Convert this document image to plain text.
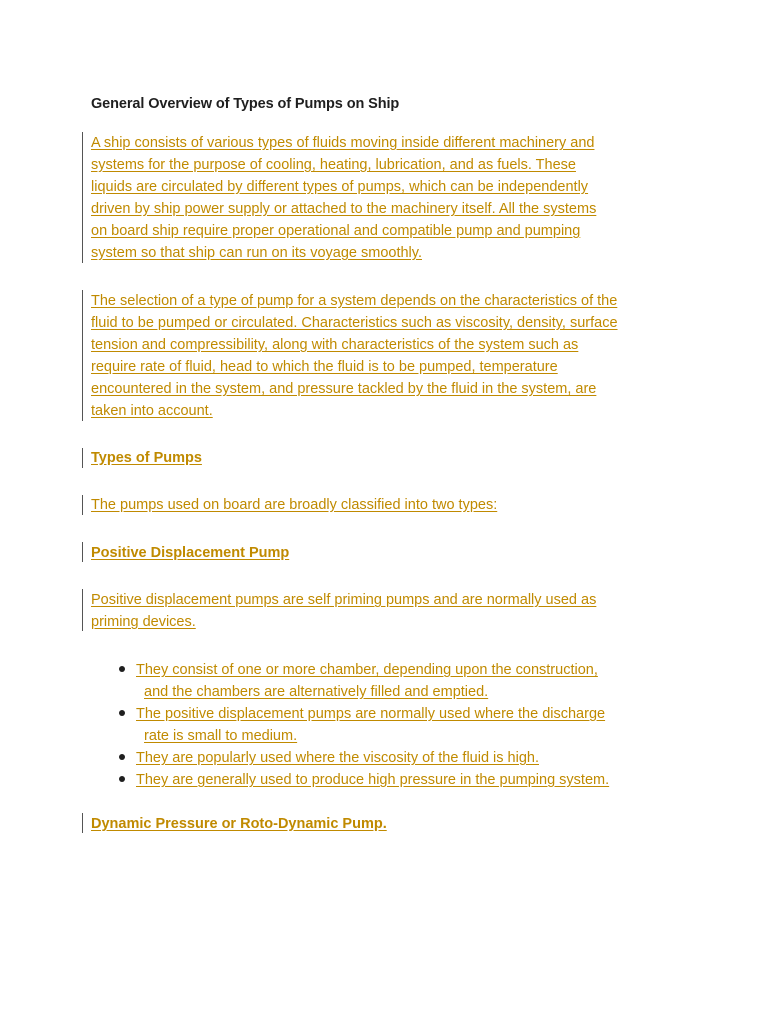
General Overview of Types of Pumps on Ship
A ship consists of various types of fluids moving inside different machinery and
systems for the purpose of cooling, heating, lubrication, and as fuels. These
liquids are circulated by different types of pumps, which can be independently
driven by ship power supply or attached to the machinery itself. All the systems
on board ship require proper operational and compatible pump and pumping
system so that ship can run on its voyage smoothly.
The selection of a type of pump for a system depends on the characteristics of the
fluid to be pumped or circulated. Characteristics such as viscosity, density, surface
tension and compressibility, along with characteristics of the system such as
require rate of fluid, head to which the fluid is to be pumped, temperature
encountered in the system, and pressure tackled by the fluid in the system, are
taken into account.
Types of Pumps
The pumps used on board are broadly classified into two types:
Positive Displacement Pump
Positive displacement pumps are self priming pumps and are normally used as
priming devices.
They consist of one or more chamber, depending upon the construction,
and the chambers are alternatively filled and emptied.
The positive displacement pumps are normally used where the discharge
rate is small to medium.
They are popularly used where the viscosity of the fluid is high.
They are generally used to produce high pressure in the pumping system.
Dynamic Pressure or Roto-Dynamic Pump.
